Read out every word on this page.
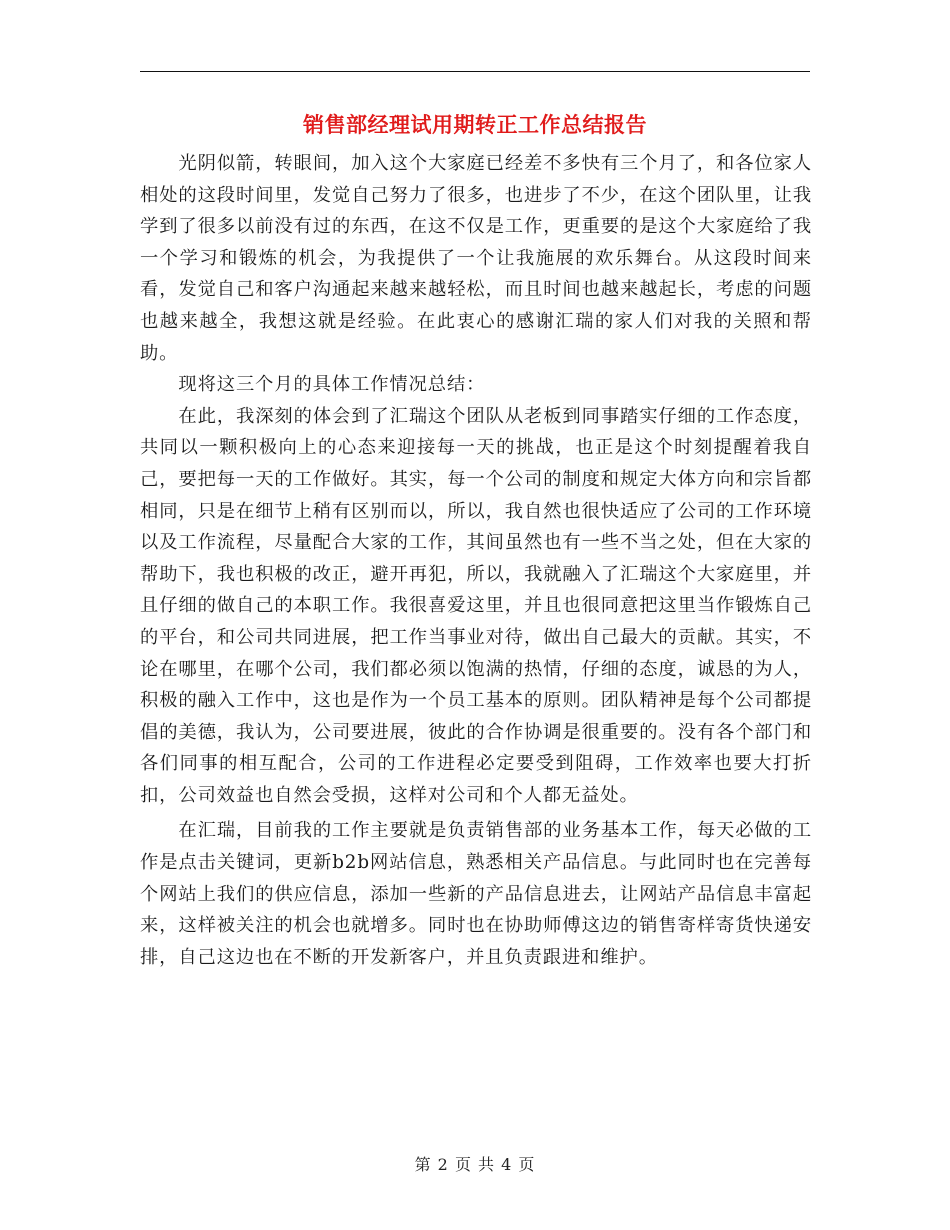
销售部经理试用期转正工作总结报告

光阴似箭，转眼间，加入这个大家庭已经差不多快有三个月了，和各位家人相处的这段时间里，发觉自己努力了很多，也进步了不少，在这个团队里，让我学到了很多以前没有过的东西，在这不仅是工作，更重要的是这个大家庭给了我一个学习和锻炼的机会，为我提供了一个让我施展的欢乐舞台。从这段时间来看，发觉自己和客户沟通起来越来越轻松，而且时间也越来越起长，考虑的问题也越来越全，我想这就是经验。在此衷心的感谢汇瑞的家人们对我的关照和帮助。

现将这三个月的具体工作情况总结：

在此，我深刻的体会到了汇瑞这个团队从老板到同事踏实仔细的工作态度，共同以一颗积极向上的心态来迎接每一天的挑战，也正是这个时刻提醒着我自己，要把每一天的工作做好。其实，每一个公司的制度和规定大体方向和宗旨都相同，只是在细节上稍有区别而以，所以，我自然也很快适应了公司的工作环境以及工作流程，尽量配合大家的工作，其间虽然也有一些不当之处，但在大家的帮助下，我也积极的改正，避开再犯，所以，我就融入了汇瑞这个大家庭里，并且仔细的做自己的本职工作。我很喜爱这里，并且也很同意把这里当作锻炼自己的平台，和公司共同进展，把工作当事业对待，做出自己最大的贡献。其实，不论在哪里，在哪个公司，我们都必须以饱满的热情，仔细的态度，诚恳的为人，积极的融入工作中，这也是作为一个员工基本的原则。团队精神是每个公司都提倡的美德，我认为，公司要进展，彼此的合作协调是很重要的。没有各个部门和各们同事的相互配合，公司的工作进程必定要受到阻碍，工作效率也要大打折扣，公司效益也自然会受损，这样对公司和个人都无益处。

在汇瑞，目前我的工作主要就是负责销售部的业务基本工作，每天必做的工作是点击关键词，更新b2b网站信息，熟悉相关产品信息。与此同时也在完善每个网站上我们的供应信息，添加一些新的产品信息进去，让网站产品信息丰富起来，这样被关注的机会也就增多。同时也在协助师傅这边的销售寄样寄货快递安排，自己这边也在不断的开发新客户，并且负责跟进和维护。

第 2 页 共 4 页
